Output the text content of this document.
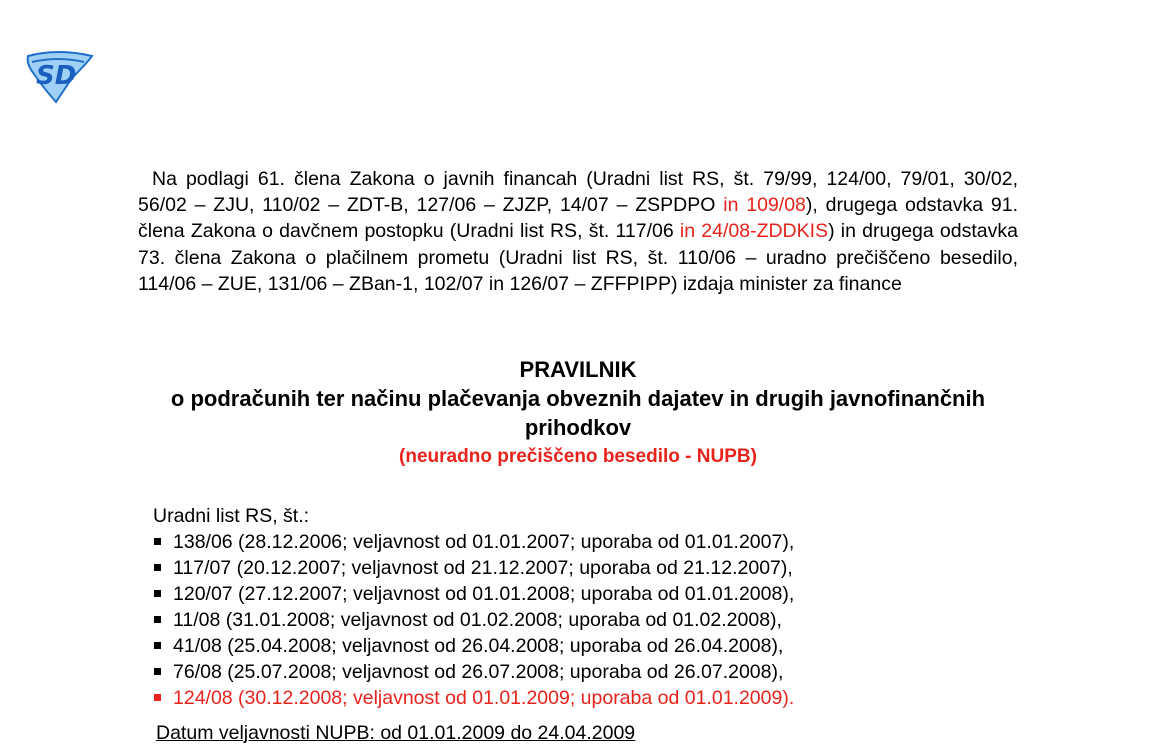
SD

Na podlagi 61. člena Zakona o javnih financah (Uradni list RS, št. 79/99, 124/00, 79/01, 30/02, 56/02 – ZJU, 110/02 – ZDT-B, 127/06 – ZJZP, 14/07 – ZSPDPO in 109/08), drugega odstavka 91. člena Zakona o davčnem postopku (Uradni list RS, št. 117/06 in 24/08-ZDDKIS) in drugega odstavka 73. člena Zakona o plačilnem prometu (Uradni list RS, št. 110/06 – uradno prečiščeno besedilo, 114/06 – ZUE, 131/06 – ZBan-1, 102/07 in 126/07 – ZFFPIPP) izdaja minister za finance

PRAVILNIK
o podračunih ter načinu plačevanja obveznih dajatev in drugih javnofinančnih prihodkov
(neuradno prečiščeno besedilo - NUPB)
Uradni list RS, št.:
138/06 (28.12.2006; veljavnost od 01.01.2007; uporaba od 01.01.2007),
117/07 (20.12.2007; veljavnost od 21.12.2007; uporaba od 21.12.2007),
120/07 (27.12.2007; veljavnost od 01.01.2008; uporaba od 01.01.2008),
11/08 (31.01.2008; veljavnost od 01.02.2008; uporaba od 01.02.2008),
41/08 (25.04.2008; veljavnost od 26.04.2008; uporaba od 26.04.2008),
76/08 (25.07.2008; veljavnost od 26.07.2008; uporaba od 26.07.2008),
124/08 (30.12.2008; veljavnost od 01.01.2009; uporaba od 01.01.2009).
Datum veljavnosti NUPB: od 01.01.2009 do 24.04.2009
